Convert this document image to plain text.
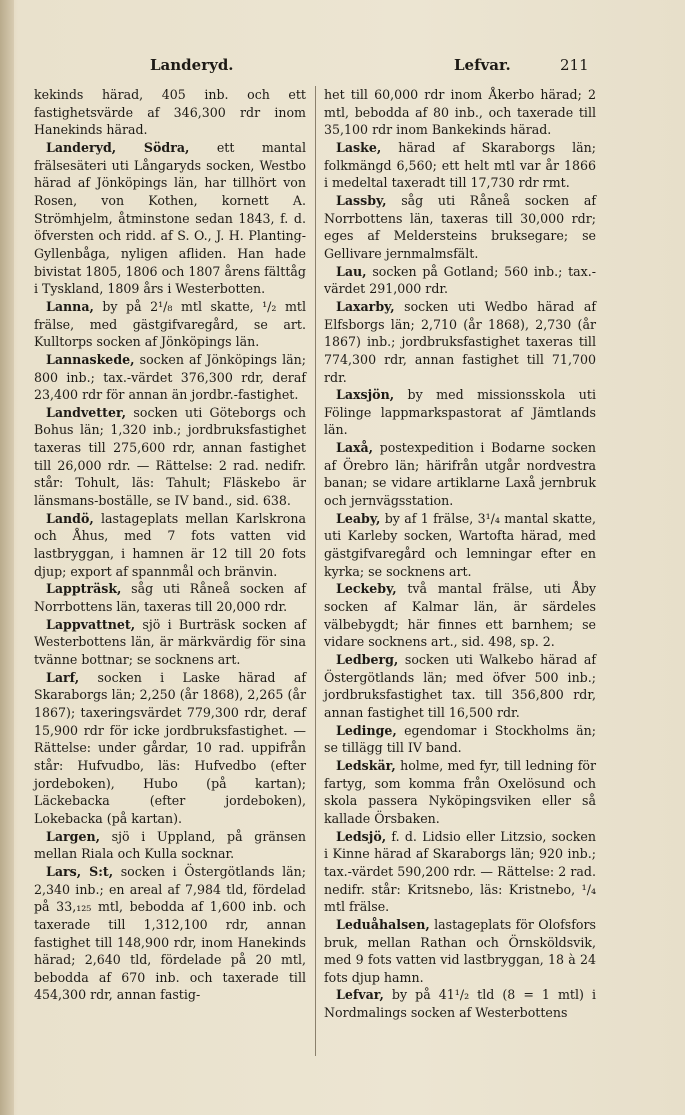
Landeryd.	Lefvar.	211

kekinds härad, 405 inb. och ett fastighetsvärde af 346,300 rdr inom Hanekinds härad.

Landeryd, Södra, ett mantal frälsesäteri uti Långaryds socken, Westbo härad af Jönköpings län, har tillhört von Rosen, von Kothen, kornett A. Strömhjelm, åtminstone sedan 1843, f. d. öfversten och ridd. af S. O., J. H. Planting-Gyllenbåga, nyligen afliden. Han hade bivistat 1805, 1806 och 1807 årens fälttåg i Tyskland, 1809 års i Westerbotten.

Lanna, by på 2¹/₈ mtl skatte, ¹/₂ mtl frälse, med gästgifvaregård, se art. Kulltorps socken af Jönköpings län.

Lannaskede, socken af Jönköpings län; 800 inb.; tax.-värdet 376,300 rdr, deraf 23,400 rdr för annan än jordbr.-fastighet.

Landvetter, socken uti Göteborgs och Bohus län; 1,320 inb.; jordbruksfastighet taxeras till 275,600 rdr, annan fastighet till 26,000 rdr. — Rättelse: 2 rad. nedifr. står: Tohult, läs: Tahult; Fläskebo är länsmans-boställe, se IV band., sid. 638.

Landö, lastageplats mellan Karlskrona och Åhus, med 7 fots vatten vid lastbryggan, i hamnen är 12 till 20 fots djup; export af spannmål och bränvin.

Lappträsk, såg uti Råneå socken af Norrbottens län, taxeras till 20,000 rdr.

Lappvattnet, sjö i Burträsk socken af Westerbottens län, är märkvärdig för sina tvänne bottnar; se socknens art.

Larf, socken i Laske härad af Skaraborgs län; 2,250 (år 1868), 2,265 (år 1867); taxeringsvärdet 779,300 rdr, deraf 15,900 rdr för icke jordbruksfastighet. — Rättelse: under gårdar, 10 rad. uppifrån står: Hufvudbo, läs: Hufvedbo (efter jordeboken), Hubo (på kartan); Läckebacka (efter jordeboken), Lokebacka (på kartan).

Largen, sjö i Uppland, på gränsen mellan Riala och Kulla socknar.

Lars, S:t, socken i Östergötlands län; 2,340 inb.; en areal af 7,984 tld, fördelad på 33,₁₂₅ mtl, bebodda af 1,600 inb. och taxerade till 1,312,100 rdr, annan fastighet till 148,900 rdr, inom Hanekinds härad; 2,640 tld, fördelade på 20 mtl, bebodda af 670 inb. och taxerade till 454,300 rdr, annan fastig-

het till 60,000 rdr inom Åkerbo härad; 2 mtl, bebodda af 80 inb., och taxerade till 35,100 rdr inom Bankekinds härad.

Laske, härad af Skaraborgs län; folkmängd 6,560; ett helt mtl var år 1866 i medeltal taxeradt till 17,730 rdr rmt.

Lassby, såg uti Råneå socken af Norrbottens län, taxeras till 30,000 rdr; eges af Meldersteins bruksegare; se Gellivare jernmalmsfält.

Lau, socken på Gotland; 560 inb.; tax.-värdet 291,000 rdr.

Laxarby, socken uti Wedbo härad af Elfsborgs län; 2,710 (år 1868), 2,730 (år 1867) inb.; jordbruksfastighet taxeras till 774,300 rdr, annan fastighet till 71,700 rdr.

Laxsjön, by med missionsskola uti Fölinge lappmarkspastorat af Jämtlands län.

Laxå, postexpedition i Bodarne socken af Örebro län; härifrån utgår nordvestra banan; se vidare artiklarne Laxå jernbruk och jernvägsstation.

Leaby, by af 1 frälse, 3¹/₄ mantal skatte, uti Karleby socken, Wartofta härad, med gästgifvaregård och lemningar efter en kyrka; se socknens art.

Leckeby, två mantal frälse, uti Åby socken af Kalmar län, är särdeles välbebygdt; här finnes ett barnhem; se vidare socknens art., sid. 498, sp. 2.

Ledberg, socken uti Walkebo härad af Östergötlands län; med öfver 500 inb.; jordbruksfastighet tax. till 356,800 rdr, annan fastighet till 16,500 rdr.

Ledinge, egendomar i Stockholms än; se tillägg till IV band.

Ledskär, holme, med fyr, till ledning för fartyg, som komma från Oxelösund och skola passera Nyköpingsviken eller så kallade Örsbaken.

Ledsjö, f. d. Lidsio eller Litzsio, socken i Kinne härad af Skaraborgs län; 920 inb.; tax.-värdet 590,200 rdr. — Rättelse: 2 rad. nedifr. står: Kritsnebo, läs: Kristnebo, ¹/₄ mtl frälse.

Leduåhalsen, lastageplats för Olofsfors bruk, mellan Rathan och Örnsköldsvik, med 9 fots vatten vid lastbryggan, 18 à 24 fots djup hamn.

Lefvar, by på 41¹/₂ tld (8 = 1 mtl) i Nordmalings socken af Westerbottens
